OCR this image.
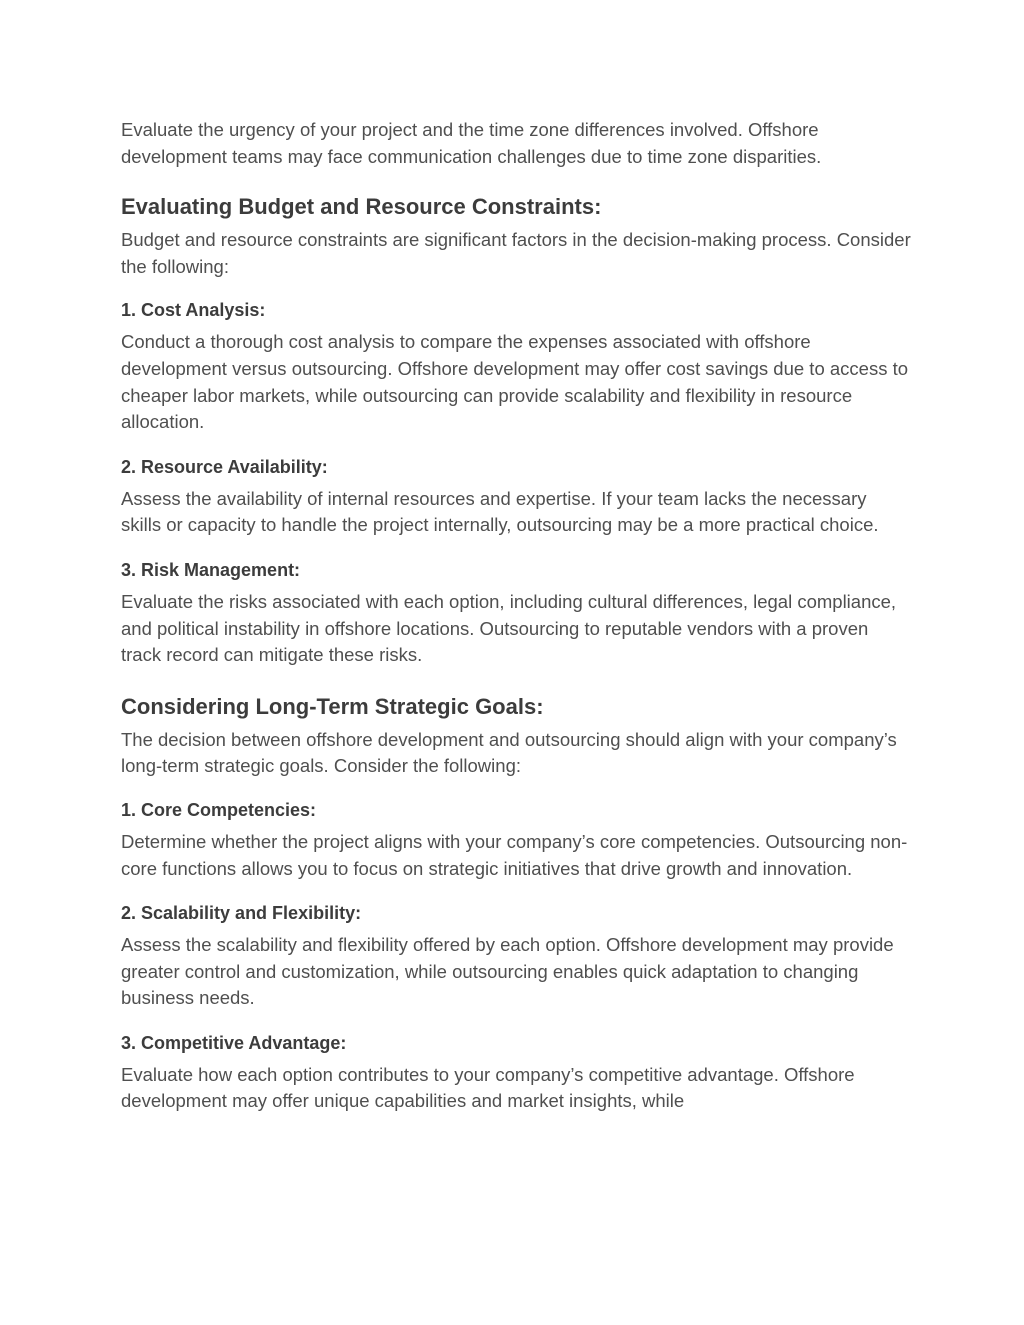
Evaluate the urgency of your project and the time zone differences involved. Offshore development teams may face communication challenges due to time zone disparities.

Evaluating Budget and Resource Constraints:

Budget and resource constraints are significant factors in the decision-making process. Consider the following:

1. Cost Analysis:

Conduct a thorough cost analysis to compare the expenses associated with offshore development versus outsourcing. Offshore development may offer cost savings due to access to cheaper labor markets, while outsourcing can provide scalability and flexibility in resource allocation.

2. Resource Availability:

Assess the availability of internal resources and expertise. If your team lacks the necessary skills or capacity to handle the project internally, outsourcing may be a more practical choice.

3. Risk Management:

Evaluate the risks associated with each option, including cultural differences, legal compliance, and political instability in offshore locations. Outsourcing to reputable vendors with a proven track record can mitigate these risks.

Considering Long-Term Strategic Goals:

The decision between offshore development and outsourcing should align with your company’s long-term strategic goals. Consider the following:

1. Core Competencies:

Determine whether the project aligns with your company’s core competencies. Outsourcing non-core functions allows you to focus on strategic initiatives that drive growth and innovation.

2. Scalability and Flexibility:

Assess the scalability and flexibility offered by each option. Offshore development may provide greater control and customization, while outsourcing enables quick adaptation to changing business needs.

3. Competitive Advantage:

Evaluate how each option contributes to your company’s competitive advantage. Offshore development may offer unique capabilities and market insights, while
